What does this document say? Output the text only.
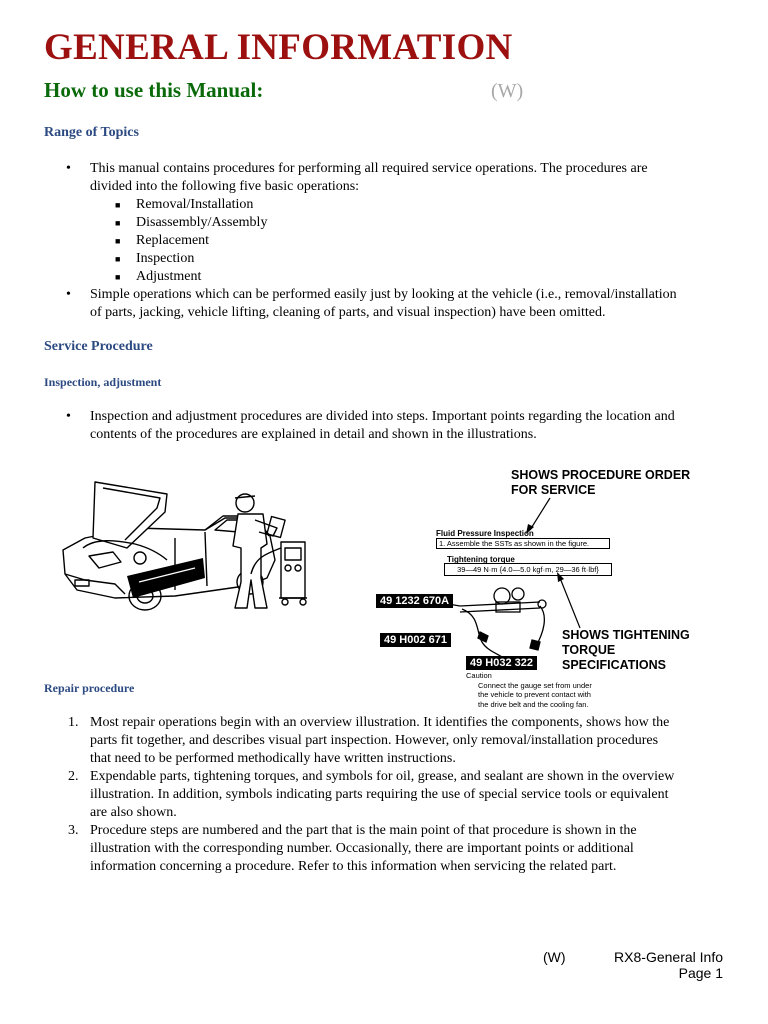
GENERAL INFORMATION
How to use this Manual:	(W)
Range of Topics
• This manual contains procedures for performing all required service operations. The procedures are
divided into the following five basic operations:
■ Removal/Installation
■ Disassembly/Assembly
■ Replacement
■ Inspection
■ Adjustment
• Simple operations which can be performed easily just by looking at the vehicle (i.e., removal/installation
of parts, jacking, vehicle lifting, cleaning of parts, and visual inspection) have been omitted.
Service Procedure
Inspection, adjustment
• Inspection and adjustment procedures are divided into steps. Important points regarding the location and
contents of the procedures are explained in detail and shown in the illustrations.
SHOWS PROCEDURE ORDER
FOR SERVICE
Fluid Pressure Inspection
1. Assemble the SSTs as shown in the figure.
Tightening torque
39—49 N·m {4.0—5.0 kgf·m, 29—36 ft·lbf}
49 1232 670A
49 H002 671
49 H032 322
SHOWS TIGHTENING
TORQUE
SPECIFICATIONS
Caution
Connect the gauge set from under
the vehicle to prevent contact with
the drive belt and the cooling fan.
Repair procedure
1. Most repair operations begin with an overview illustration. It identifies the components, shows how the
parts fit together, and describes visual part inspection. However, only removal/installation procedures
that need to be performed methodically have written instructions.
2. Expendable parts, tightening torques, and symbols for oil, grease, and sealant are shown in the overview
illustration. In addition, symbols indicating parts requiring the use of special service tools or equivalent
are also shown.
3. Procedure steps are numbered and the part that is the main point of that procedure is shown in the
illustration with the corresponding number. Occasionally, there are important points or additional
information concerning a procedure. Refer to this information when servicing the related part.
(W)	RX8-General Info
Page 1
